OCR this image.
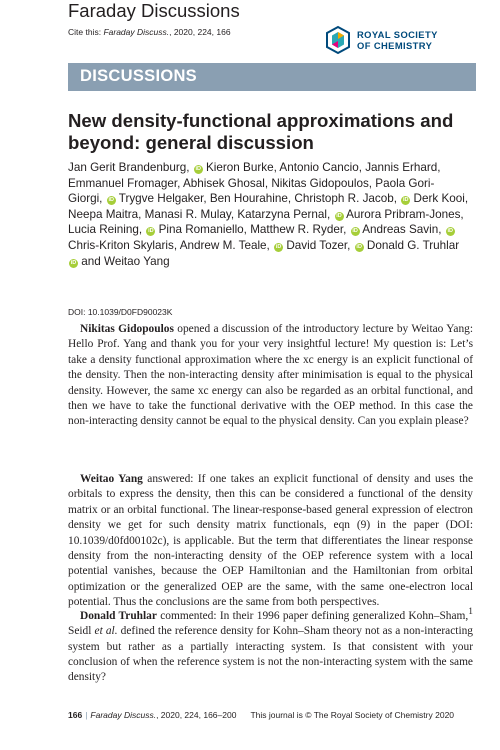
Faraday Discussions
Cite this: Faraday Discuss., 2020, 224, 166	ROYAL SOCIETY
OF CHEMISTRY
DISCUSSIONS
New density-functional approximations and beyond: general discussion
Jan Gerit Brandenburg, iD Kieron Burke, Antonio Cancio, Jannis Erhard, Emmanuel Fromager, Abhisek Ghosal, Nikitas Gidopoulos, Paola Gori-Giorgi, iD Trygve Helgaker, Ben Hourahine, Christoph R. Jacob, iD Derk Kooi, Neepa Maitra, Manasi R. Mulay, Katarzyna Pernal, iD Aurora Pribram-Jones, Lucia Reining, iD Pina Romaniello, Matthew R. Ryder, iD Andreas Savin, iD Chris-Kriton Skylaris, Andrew M. Teale, iD David Tozer, iD Donald G. Truhlar iD and Weitao Yang
DOI: 10.1039/D0FD90023K
Nikitas Gidopoulos opened a discussion of the introductory lecture by Weitao Yang: Hello Prof. Yang and thank you for your very insightful lecture! My question is: Let’s take a density functional approximation where the xc energy is an explicit functional of the density. Then the non-interacting density after minimisation is equal to the physical density. However, the same xc energy can also be regarded as an orbital functional, and then we have to take the functional derivative with the OEP method. In this case the non-interacting density cannot be equal to the physical density. Can you explain please?
Weitao Yang answered: If one takes an explicit functional of density and uses the orbitals to express the density, then this can be considered a functional of the density matrix or an orbital functional. The linear-response-based general expression of electron density we get for such density matrix functionals, eqn (9) in the paper (DOI: 10.1039/d0fd00102c), is applicable. But the term that differentiates the linear response density from the non-interacting density of the OEP reference system with a local potential vanishes, because the OEP Hamiltonian and the Hamiltonian from orbital optimization or the generalized OEP are the same, with the same one-electron local potential. Thus the conclusions are the same from both perspectives.
Donald Truhlar commented: In their 1996 paper defining generalized Kohn–Sham,$^1$ Seidl et al. defined the reference density for Kohn–Sham theory not as a non-interacting system but rather as a partially interacting system. Is that consistent with your conclusion of when the reference system is not the non-interacting system with the same density?
166 | Faraday Discuss., 2020, 224, 166–200 This journal is © The Royal Society of Chemistry 2020
